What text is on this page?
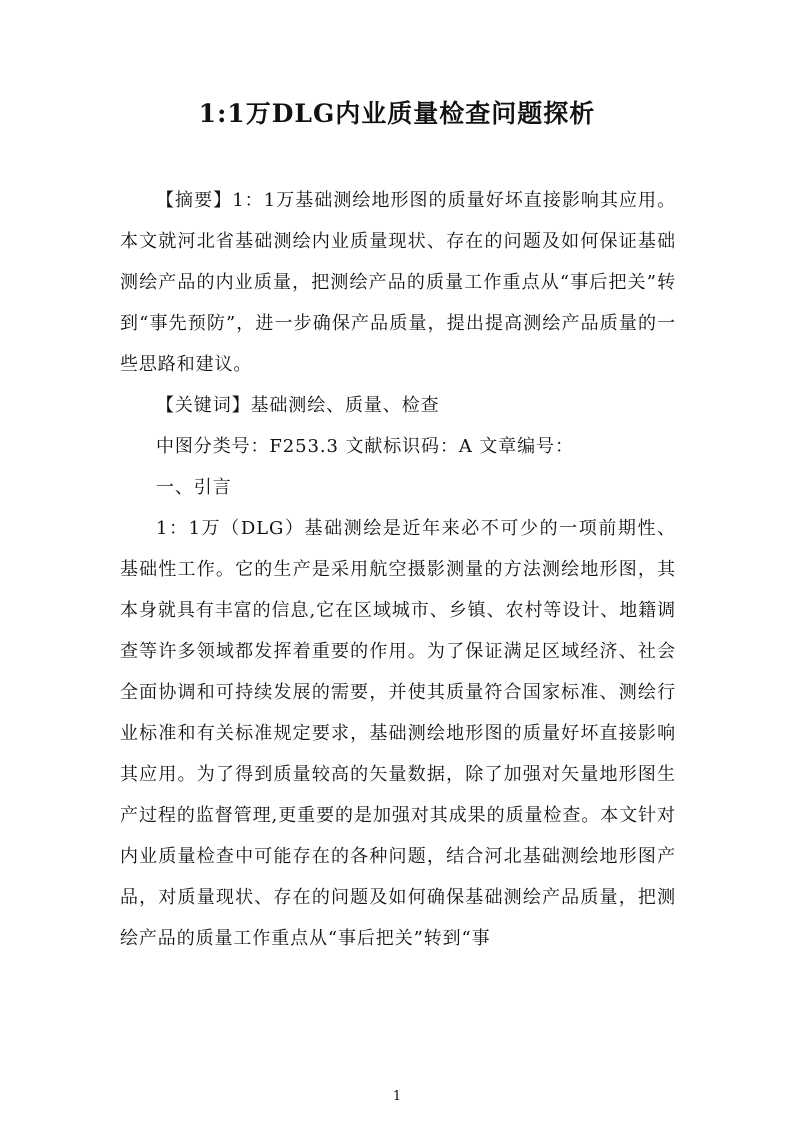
1:1万DLG内业质量检查问题探析

【摘要】1：1万基础测绘地形图的质量好坏直接影响其应用。本文就河北省基础测绘内业质量现状、存在的问题及如何保证基础测绘产品的内业质量，把测绘产品的质量工作重点从“事后把关”转到“事先预防”，进一步确保产品质量，提出提高测绘产品质量的一些思路和建议。

【关键词】基础测绘、质量、检查

中图分类号：F253.3 文献标识码：A 文章编号：

一、引言

1：1万（DLG）基础测绘是近年来必不可少的一项前期性、基础性工作。它的生产是采用航空摄影测量的方法测绘地形图，其本身就具有丰富的信息,它在区域城市、乡镇、农村等设计、地籍调查等许多领域都发挥着重要的作用。为了保证满足区域经济、社会全面协调和可持续发展的需要，并使其质量符合国家标准、测绘行业标准和有关标准规定要求，基础测绘地形图的质量好坏直接影响其应用。为了得到质量较高的矢量数据，除了加强对矢量地形图生产过程的监督管理,更重要的是加强对其成果的质量检查。本文针对内业质量检查中可能存在的各种问题，结合河北基础测绘地形图产品，对质量现状、存在的问题及如何确保基础测绘产品质量，把测绘产品的质量工作重点从“事后把关”转到“事

1
